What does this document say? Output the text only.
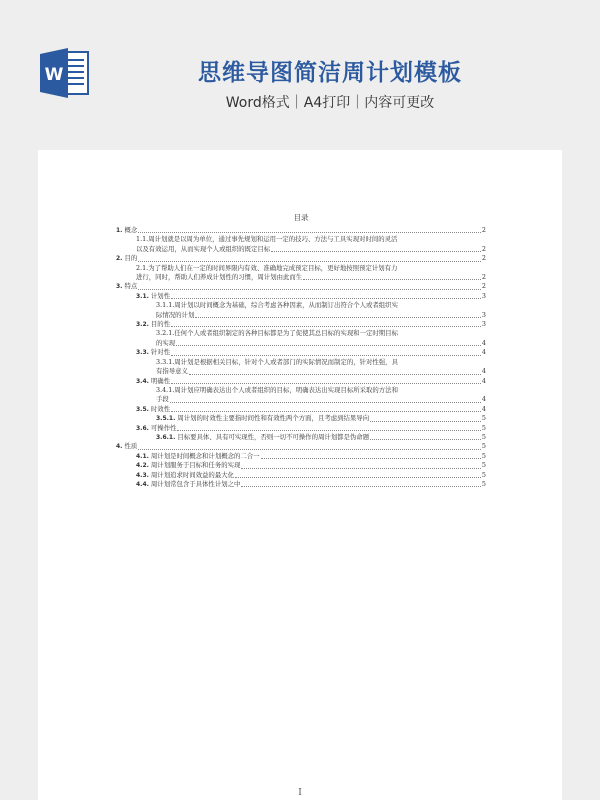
W	思维导图简洁周计划模板
Word格式｜A4打印｜内容可更改
目录
1. 概念	2
1.1.周计划就是以周为单位，通过事先规划和运用一定的技巧、方法与工具实现对时间的灵活
以及有效运用，从而实现个人或组织的既定目标	2
2. 目的	2
2.1.为了帮助人们在一定的时间界限内有效、准确地完成预定目标，更好地按照预定计划有力
进行，同时，帮助人们养成计划性的习惯，周计划由此而生	2
3. 特点	2
3.1. 计划性	3
3.1.1.周计划以时间概念为基础，综合考虑各种因素，从而制订出符合个人或者组织实
际情况的计划	3
3.2. 目的性	3
3.2.1.任何个人或者组织制定的各种目标都是为了促使其总目标的实现和一定时期目标
的实现	4
3.3. 针对性	4
3.3.1.周计划是根据相关目标，针对个人或者部门的实际情况而制定的，针对性强，具
有指导意义	4
3.4. 明确性	4
3.4.1.周计划应明确表达出个人或者组织的目标，明确表达出实现目标所采取的方法和
手段	4
3.5. 时效性	4
3.5.1. 周计划的时效性主要指时间性和有效性两个方面，且考虑到结果导向	5
3.6. 可操作性	5
3.6.1. 目标要具体、具有可实现性，否则一切不可操作的周计划都是伪命题	5
4. 性质	5
4.1. 周计划是时间概念和计划概念的二合一	5
4.2. 周计划服务于目标和任务的实现	5
4.3. 周计划追求时间效益的最大化	5
4.4. 周计划常包含于具体性计划之中	5
I
